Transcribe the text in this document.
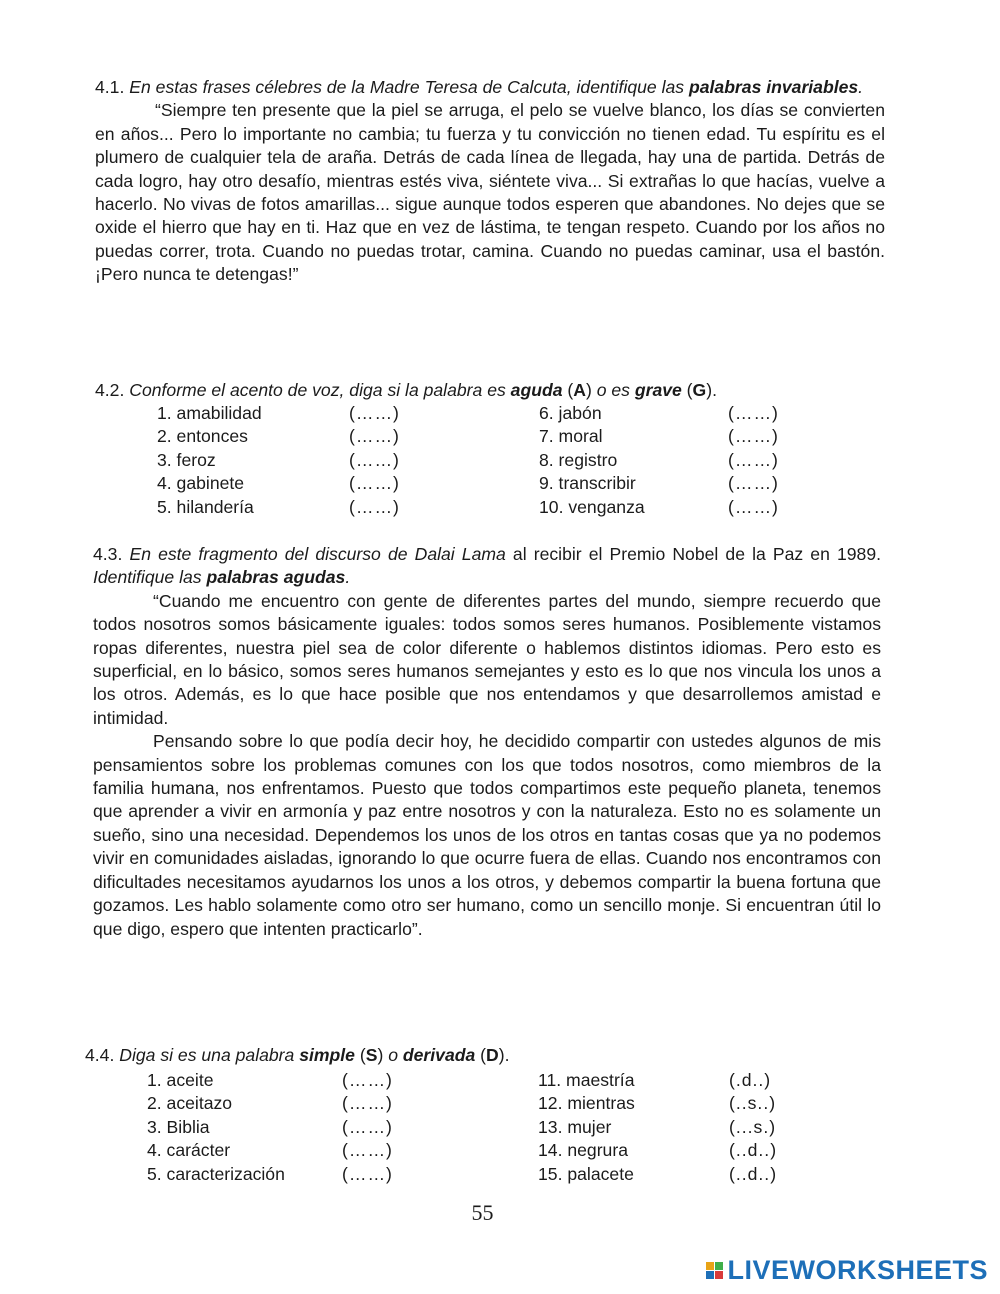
4.1. En estas frases célebres de la Madre Teresa de Calcuta, identifique las palabras invariables.

“Siempre ten presente que la piel se arruga, el pelo se vuelve blanco, los días se convierten en años... Pero lo importante no cambia; tu fuerza y tu convicción no tienen edad. Tu espíritu es el plumero de cualquier tela de araña. Detrás de cada línea de llegada, hay una de partida. Detrás de cada logro, hay otro desafío, mientras estés viva, siéntete viva... Si extrañas lo que hacías, vuelve a hacerlo. No vivas de fotos amarillas... sigue aunque todos esperen que abandones. No dejes que se oxide el hierro que hay en ti. Haz que en vez de lástima, te tengan respeto. Cuando por los años no puedas correr, trota. Cuando no puedas trotar, camina. Cuando no puedas caminar, usa el bastón. ¡Pero nunca te detengas!”

4.2. Conforme el acento de voz, diga si la palabra es aguda (A) o es grave (G).

1. amabilidad	(……)	6. jabón	(……)
2. entonces	(……)	7. moral	(……)
3. feroz	(……)	8. registro	(……)
4. gabinete	(……)	9. transcribir	(……)
5. hilandería	(……)	10. venganza	(……)

4.3. En este fragmento del discurso de Dalai Lama al recibir el Premio Nobel de la Paz en 1989. Identifique las palabras agudas.

“Cuando me encuentro con gente de diferentes partes del mundo, siempre recuerdo que todos nosotros somos básicamente iguales: todos somos seres humanos. Posiblemente vistamos ropas diferentes, nuestra piel sea de color diferente o hablemos distintos idiomas. Pero esto es superficial, en lo básico, somos seres humanos semejantes y esto es lo que nos vincula los unos a los otros. Además, es lo que hace posible que nos entendamos y que desarrollemos amistad e intimidad.

Pensando sobre lo que podía decir hoy, he decidido compartir con ustedes algunos de mis pensamientos sobre los problemas comunes con los que todos nosotros, como miembros de la familia humana, nos enfrentamos. Puesto que todos compartimos este pequeño planeta, tenemos que aprender a vivir en armonía y paz entre nosotros y con la naturaleza. Esto no es solamente un sueño, sino una necesidad. Dependemos los unos de los otros en tantas cosas que ya no podemos vivir en comunidades aisladas, ignorando lo que ocurre fuera de ellas. Cuando nos encontramos con dificultades necesitamos ayudarnos los unos a los otros, y debemos compartir la buena fortuna que gozamos. Les hablo solamente como otro ser humano, como un sencillo monje. Si encuentran útil lo que digo, espero que intenten practicarlo”.

4.4. Diga si es una palabra simple (S) o derivada (D).

1. aceite	(……)	11. maestría	(.d..)
2. aceitazo	(……)	12. mientras	(..s..)
3. Biblia	(……)	13. mujer	(...s.)
4. carácter	(……)	14. negrura	(..d..)
5. caracterización	(……)	15. palacete	(..d..)
55
LIVEWORKSHEETS
